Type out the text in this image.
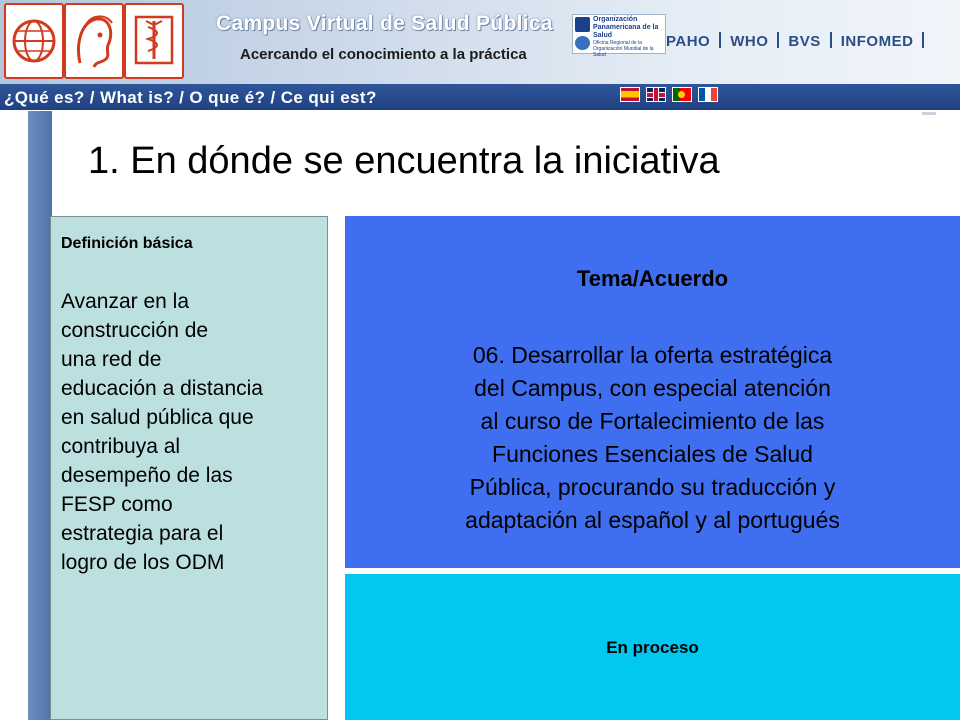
Campus Virtual de Salud Pública
Acercando el conocimiento a la práctica
Organización Panamericana de la Salud
Oficina Regional de la Organización Mundial de la Salud
PAHO WHO BVS INFOMED
¿Qué es? / What is? / O que é? / Ce qui est?
1. En dónde se encuentra la iniciativa
Definición básica
Avanzar en la
construcción de
una red de
educación a distancia
en salud pública que
contribuya al
desempeño de las
FESP como
estrategia para el
logro de los ODM
Tema/Acuerdo
06. Desarrollar la oferta estratégica
del Campus, con especial atención
al curso de Fortalecimiento de las
Funciones Esenciales de Salud
Pública, procurando su traducción y
adaptación al español y al portugués
En proceso
